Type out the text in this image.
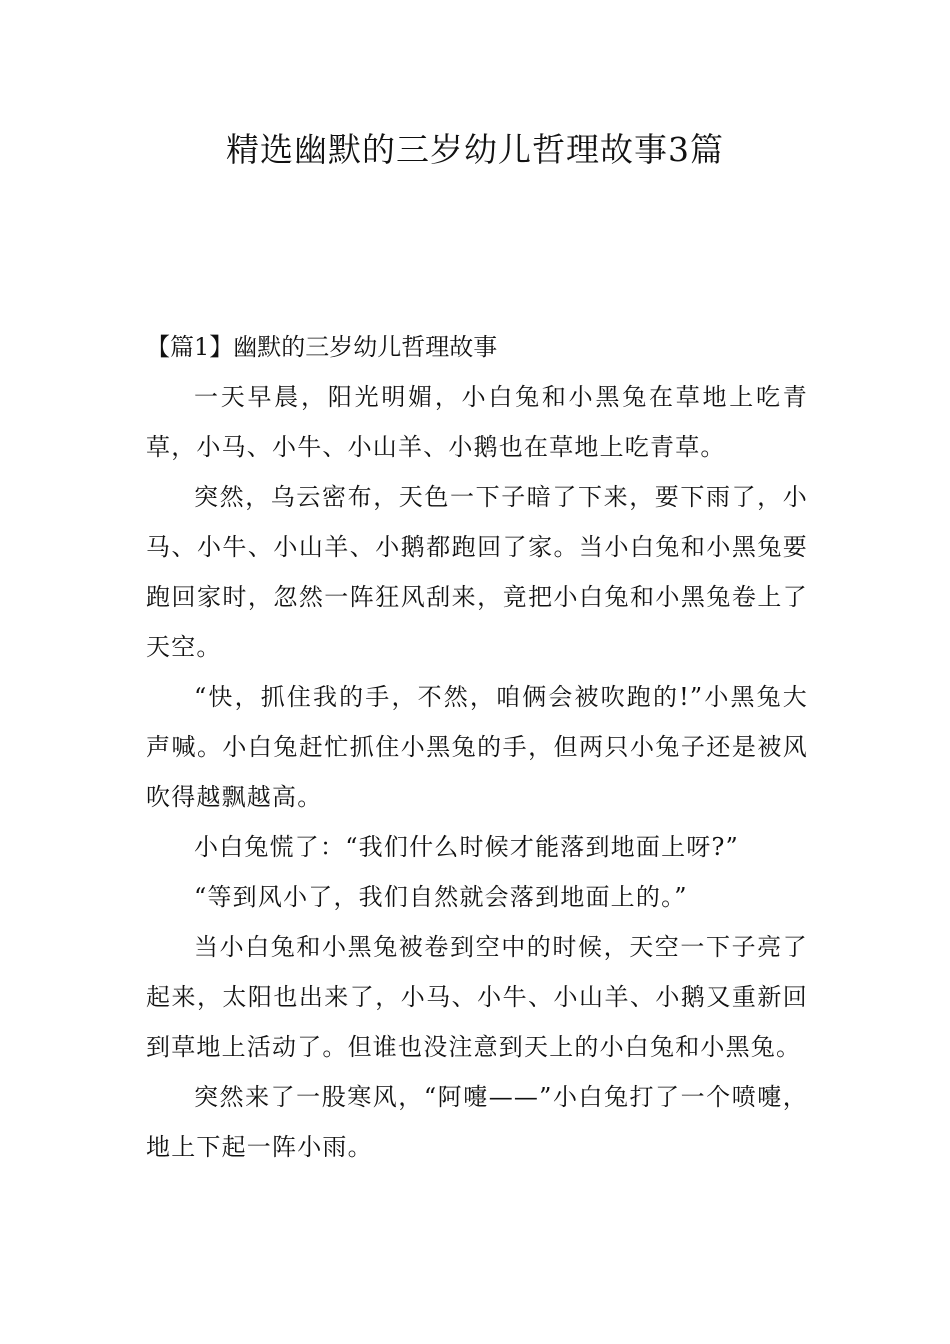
精选幽默的三岁幼儿哲理故事3篇
【篇1】幽默的三岁幼儿哲理故事

一天早晨，阳光明媚，小白兔和小黑兔在草地上吃青草，小马、小牛、小山羊、小鹅也在草地上吃青草。

突然，乌云密布，天色一下子暗了下来，要下雨了，小马、小牛、小山羊、小鹅都跑回了家。当小白兔和小黑兔要跑回家时，忽然一阵狂风刮来，竟把小白兔和小黑兔卷上了天空。

“快，抓住我的手，不然，咱俩会被吹跑的!”小黑兔大声喊。小白兔赶忙抓住小黑兔的手，但两只小兔子还是被风吹得越飘越高。

小白兔慌了：“我们什么时候才能落到地面上呀?”

“等到风小了，我们自然就会落到地面上的。”

当小白兔和小黑兔被卷到空中的时候，天空一下子亮了起来，太阳也出来了，小马、小牛、小山羊、小鹅又重新回到草地上活动了。但谁也没注意到天上的小白兔和小黑兔。

突然来了一股寒风，“阿嚏——”小白兔打了一个喷嚏，地上下起一阵小雨。
